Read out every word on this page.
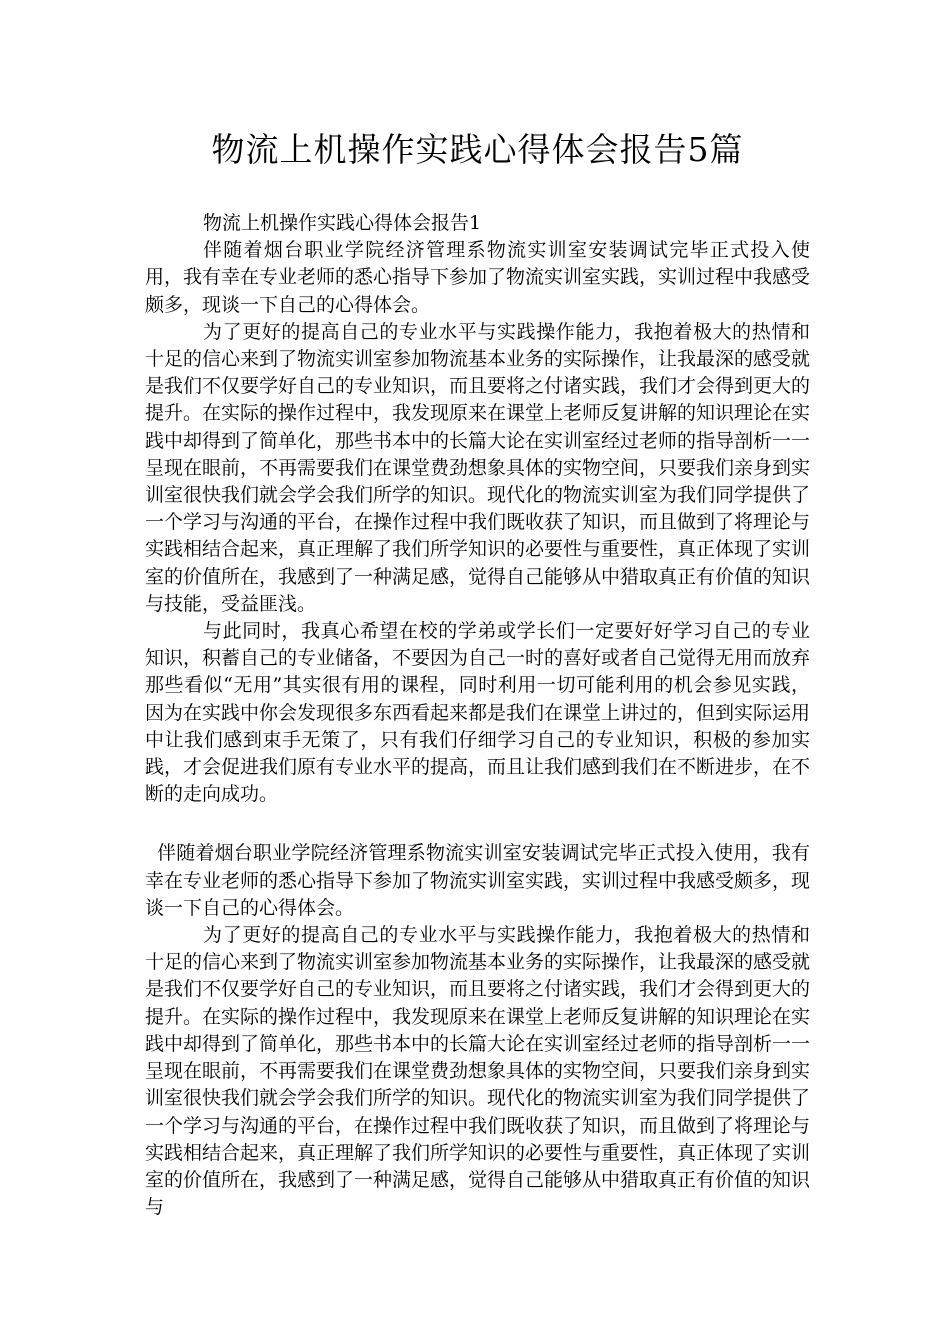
物流上机操作实践心得体会报告5篇

物流上机操作实践心得体会报告1

伴随着烟台职业学院经济管理系物流实训室安装调试完毕正式投入使用，我有幸在专业老师的悉心指导下参加了物流实训室实践，实训过程中我感受颇多，现谈一下自己的心得体会。

为了更好的提高自己的专业水平与实践操作能力，我抱着极大的热情和十足的信心来到了物流实训室参加物流基本业务的实际操作，让我最深的感受就是我们不仅要学好自己的专业知识，而且要将之付诸实践，我们才会得到更大的提升。在实际的操作过程中，我发现原来在课堂上老师反复讲解的知识理论在实践中却得到了简单化，那些书本中的长篇大论在实训室经过老师的指导剖析一一呈现在眼前，不再需要我们在课堂费劲想象具体的实物空间，只要我们亲身到实训室很快我们就会学会我们所学的知识。现代化的物流实训室为我们同学提供了一个学习与沟通的平台，在操作过程中我们既收获了知识，而且做到了将理论与实践相结合起来，真正理解了我们所学知识的必要性与重要性，真正体现了实训室的价值所在，我感到了一种满足感，觉得自己能够从中猎取真正有价值的知识与技能，受益匪浅。

与此同时，我真心希望在校的学弟或学长们一定要好好学习自己的专业知识，积蓄自己的专业储备，不要因为自己一时的喜好或者自己觉得无用而放弃那些看似“无用”其实很有用的课程，同时利用一切可能利用的机会参见实践，因为在实践中你会发现很多东西看起来都是我们在课堂上讲过的，但到实际运用中让我们感到束手无策了，只有我们仔细学习自己的专业知识，积极的参加实践，才会促进我们原有专业水平的提高，而且让我们感到我们在不断进步，在不断的走向成功。

伴随着烟台职业学院经济管理系物流实训室安装调试完毕正式投入使用，我有幸在专业老师的悉心指导下参加了物流实训室实践，实训过程中我感受颇多，现谈一下自己的心得体会。

为了更好的提高自己的专业水平与实践操作能力，我抱着极大的热情和十足的信心来到了物流实训室参加物流基本业务的实际操作，让我最深的感受就是我们不仅要学好自己的专业知识，而且要将之付诸实践，我们才会得到更大的提升。在实际的操作过程中，我发现原来在课堂上老师反复讲解的知识理论在实践中却得到了简单化，那些书本中的长篇大论在实训室经过老师的指导剖析一一呈现在眼前，不再需要我们在课堂费劲想象具体的实物空间，只要我们亲身到实训室很快我们就会学会我们所学的知识。现代化的物流实训室为我们同学提供了一个学习与沟通的平台，在操作过程中我们既收获了知识，而且做到了将理论与实践相结合起来，真正理解了我们所学知识的必要性与重要性，真正体现了实训室的价值所在，我感到了一种满足感，觉得自己能够从中猎取真正有价值的知识与
